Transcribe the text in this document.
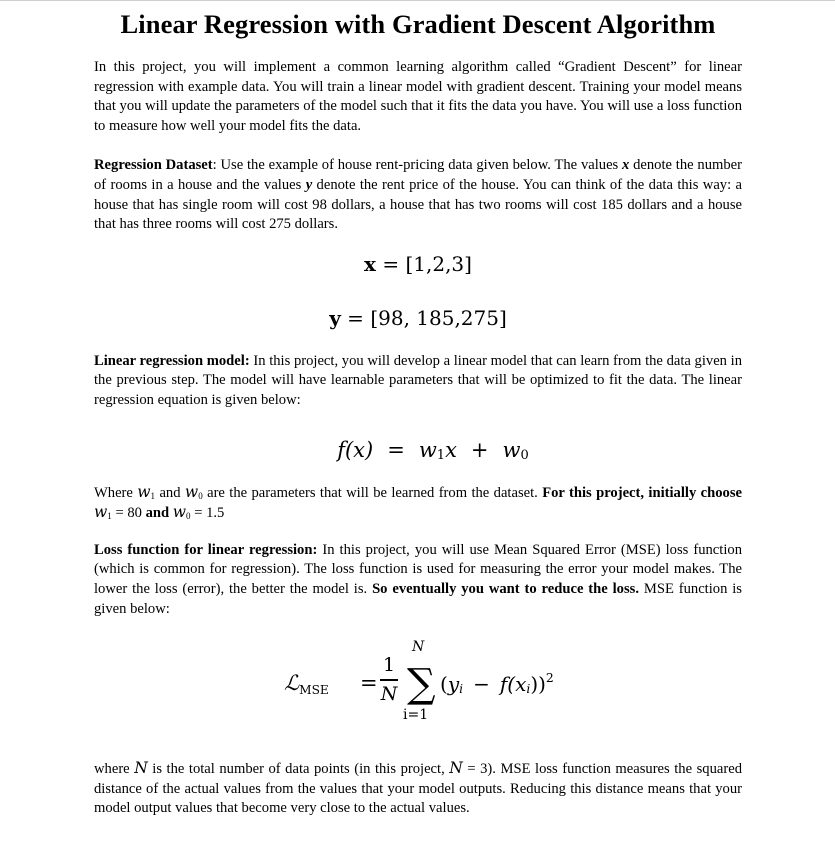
Linear Regression with Gradient Descent Algorithm

In this project, you will implement a common learning algorithm called “Gradient Descent” for linear regression with example data. You will train a linear model with gradient descent. Training your model means that you will update the parameters of the model such that it fits the data you have. You will use a loss function to measure how well your model fits the data.

Regression Dataset: Use the example of house rent-pricing data given below. The values x denote the number of rooms in a house and the values y denote the rent price of the house. You can think of the data this way: a house that has single room will cost 98 dollars, a house that has two rooms will cost 185 dollars and a house that has three rooms will cost 275 dollars.

x = [1,2,3]
y = [98, 185,275]

Linear regression model: In this project, you will develop a linear model that can learn from the data given in the previous step. The model will have learnable parameters that will be optimized to fit the data. The linear regression equation is given below:

$f(x) = w_1x + w_0$

Where $w_1$ and $w_0$ are the parameters that will be learned from the dataset. For this project, initially choose $w_1 = 80$ and $w_0 = 1.5$

Loss function for linear regression: In this project, you will use Mean Squared Error (MSE) loss function (which is common for regression). The loss function is used for measuring the error your model makes. The lower the loss (error), the better the model is. So eventually you want to reduce the loss. MSE function is given below:

ℒ$_{MSE}$ =
1
N
N
∑
i=1
$(y_i - f(x_i))^2$

where N is the total number of data points (in this project, N = 3). MSE loss function measures the squared distance of the actual values from the values that your model outputs. Reducing this distance means that your model output values that become very close to the actual values.
